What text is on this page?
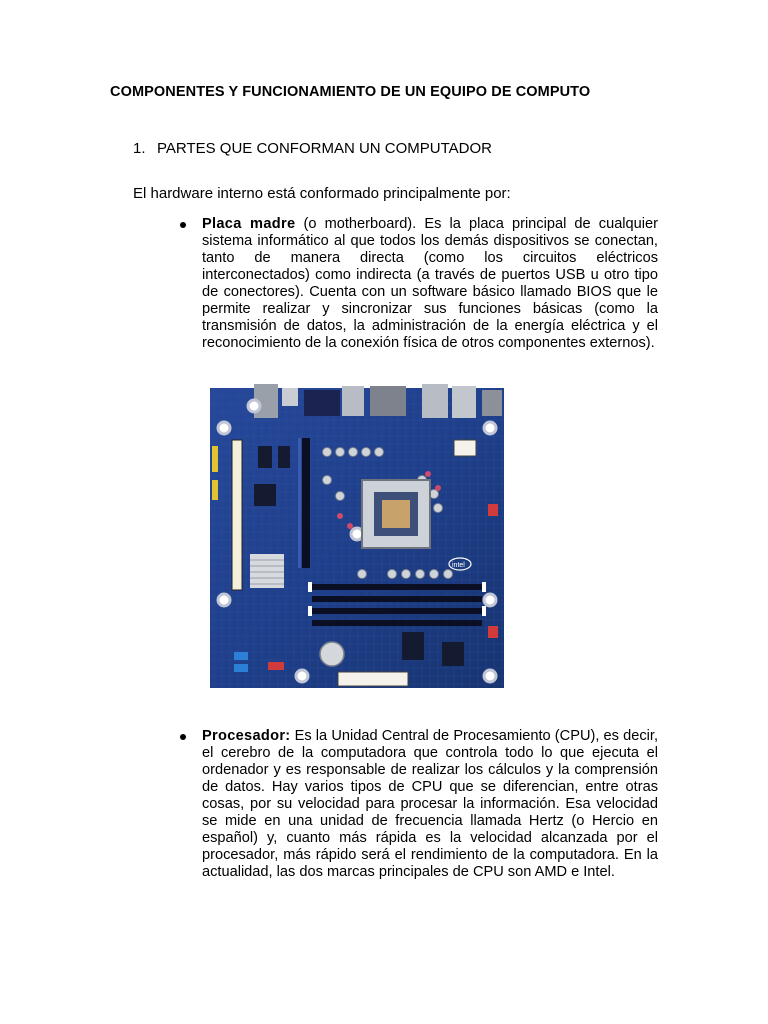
COMPONENTES Y FUNCIONAMIENTO DE UN EQUIPO DE COMPUTO
1. PARTES QUE CONFORMAN UN COMPUTADOR
El hardware interno está conformado principalmente por:
Placa madre (o motherboard). Es la placa principal de cualquier sistema informático al que todos los demás dispositivos se conectan, tanto de manera directa (como los circuitos eléctricos interconectados) como indirecta (a través de puertos USB u otro tipo de conectores). Cuenta con un software básico llamado BIOS que le permite realizar y sincronizar sus funciones básicas (como la transmisión de datos, la administración de la energía eléctrica y el reconocimiento de la conexión física de otros componentes externos).
intel
Procesador: Es la Unidad Central de Procesamiento (CPU), es decir, el cerebro de la computadora que controla todo lo que ejecuta el ordenador y es responsable de realizar los cálculos y la comprensión de datos. Hay varios tipos de CPU que se diferencian, entre otras cosas, por su velocidad para procesar la información. Esa velocidad se mide en una unidad de frecuencia llamada Hertz (o Hercio en español) y, cuanto más rápida es la velocidad alcanzada por el procesador, más rápido será el rendimiento de la computadora. En la actualidad, las dos marcas principales de CPU son AMD e Intel.
